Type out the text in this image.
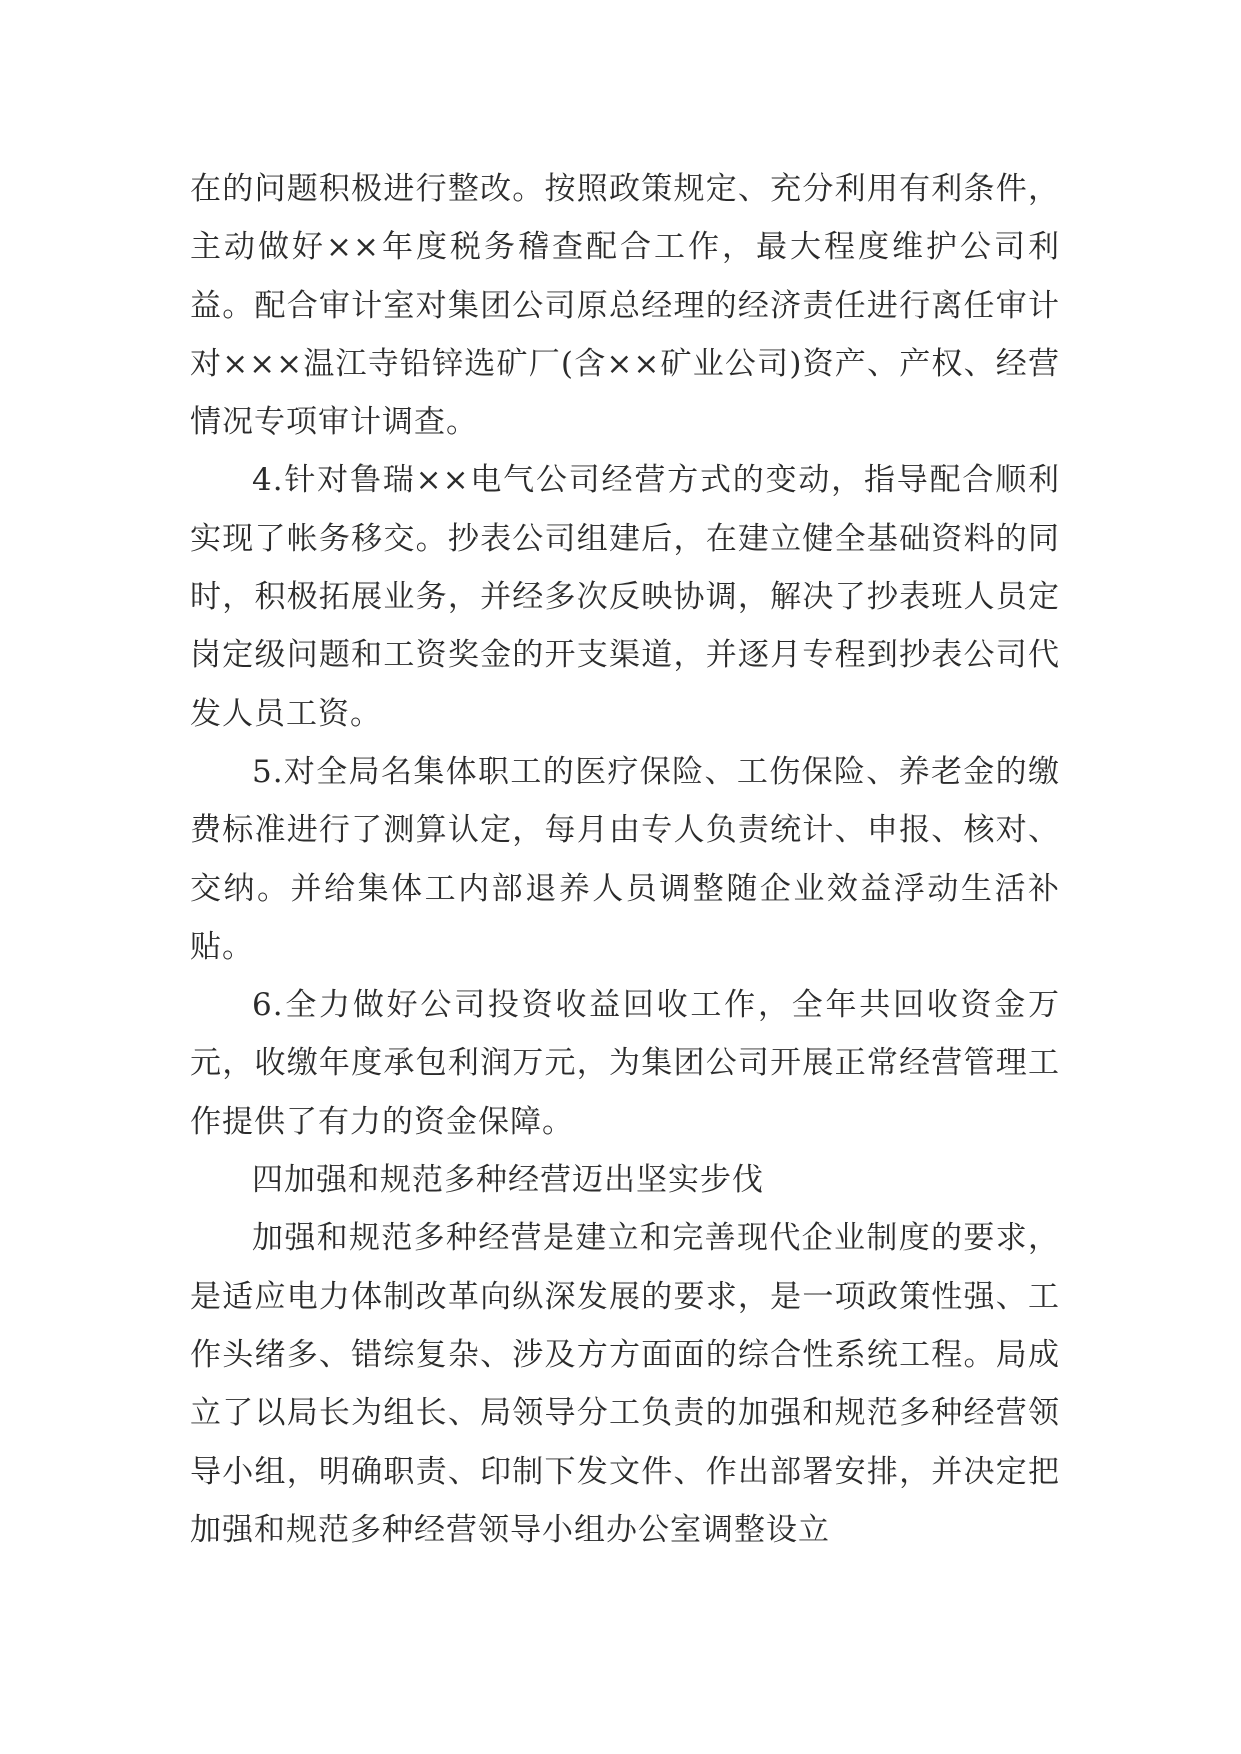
在的问题积极进行整改。按照政策规定、充分利用有利条件，主动做好××年度税务稽查配合工作，最大程度维护公司利益。配合审计室对集团公司原总经理的经济责任进行离任审计对×××温江寺铅锌选矿厂(含××矿业公司)资产、产权、经营情况专项审计调查。

4.针对鲁瑞××电气公司经营方式的变动，指导配合顺利实现了帐务移交。抄表公司组建后，在建立健全基础资料的同时，积极拓展业务，并经多次反映协调，解决了抄表班人员定岗定级问题和工资奖金的开支渠道，并逐月专程到抄表公司代发人员工资。

5.对全局名集体职工的医疗保险、工伤保险、养老金的缴费标准进行了测算认定，每月由专人负责统计、申报、核对、交纳。并给集体工内部退养人员调整随企业效益浮动生活补贴。

6.全力做好公司投资收益回收工作，全年共回收资金万元，收缴年度承包利润万元，为集团公司开展正常经营管理工作提供了有力的资金保障。

四加强和规范多种经营迈出坚实步伐

加强和规范多种经营是建立和完善现代企业制度的要求，是适应电力体制改革向纵深发展的要求，是一项政策性强、工作头绪多、错综复杂、涉及方方面面的综合性系统工程。局成立了以局长为组长、局领导分工负责的加强和规范多种经营领导小组，明确职责、印制下发文件、作出部署安排，并决定把加强和规范多种经营领导小组办公室调整设立
